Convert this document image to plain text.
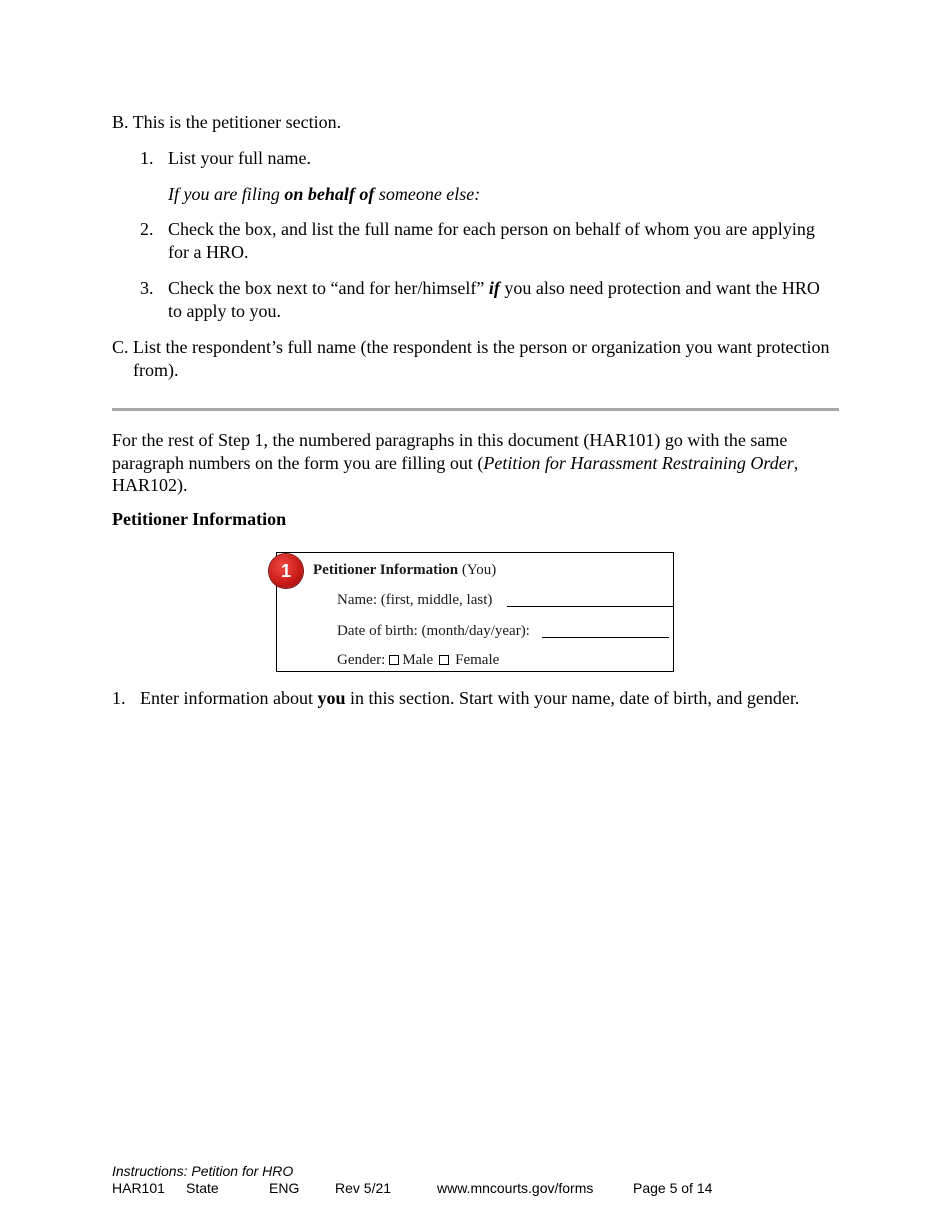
B. This is the petitioner section.
1. List your full name.
If you are filing on behalf of someone else:
2. Check the box, and list the full name for each person on behalf of whom you are applying
for a HRO.
3. Check the box next to “and for her/himself” if you also need protection and want the HRO
to apply to you.
C. List the respondent’s full name (the respondent is the person or organization you want protection
from).
For the rest of Step 1, the numbered paragraphs in this document (HAR101) go with the same
paragraph numbers on the form you are filling out (Petition for Harassment Restraining Order,
HAR102).
Petitioner Information
1	Petitioner Information (You)
Name: (first, middle, last)
Date of birth: (month/day/year):
Gender: Male Female
1. Enter information about you in this section. Start with your name, date of birth, and gender.
Instructions: Petition for HRO
HAR101 State	ENG	Rev 5/21	www.mncourts.gov/forms	Page 5 of 14
